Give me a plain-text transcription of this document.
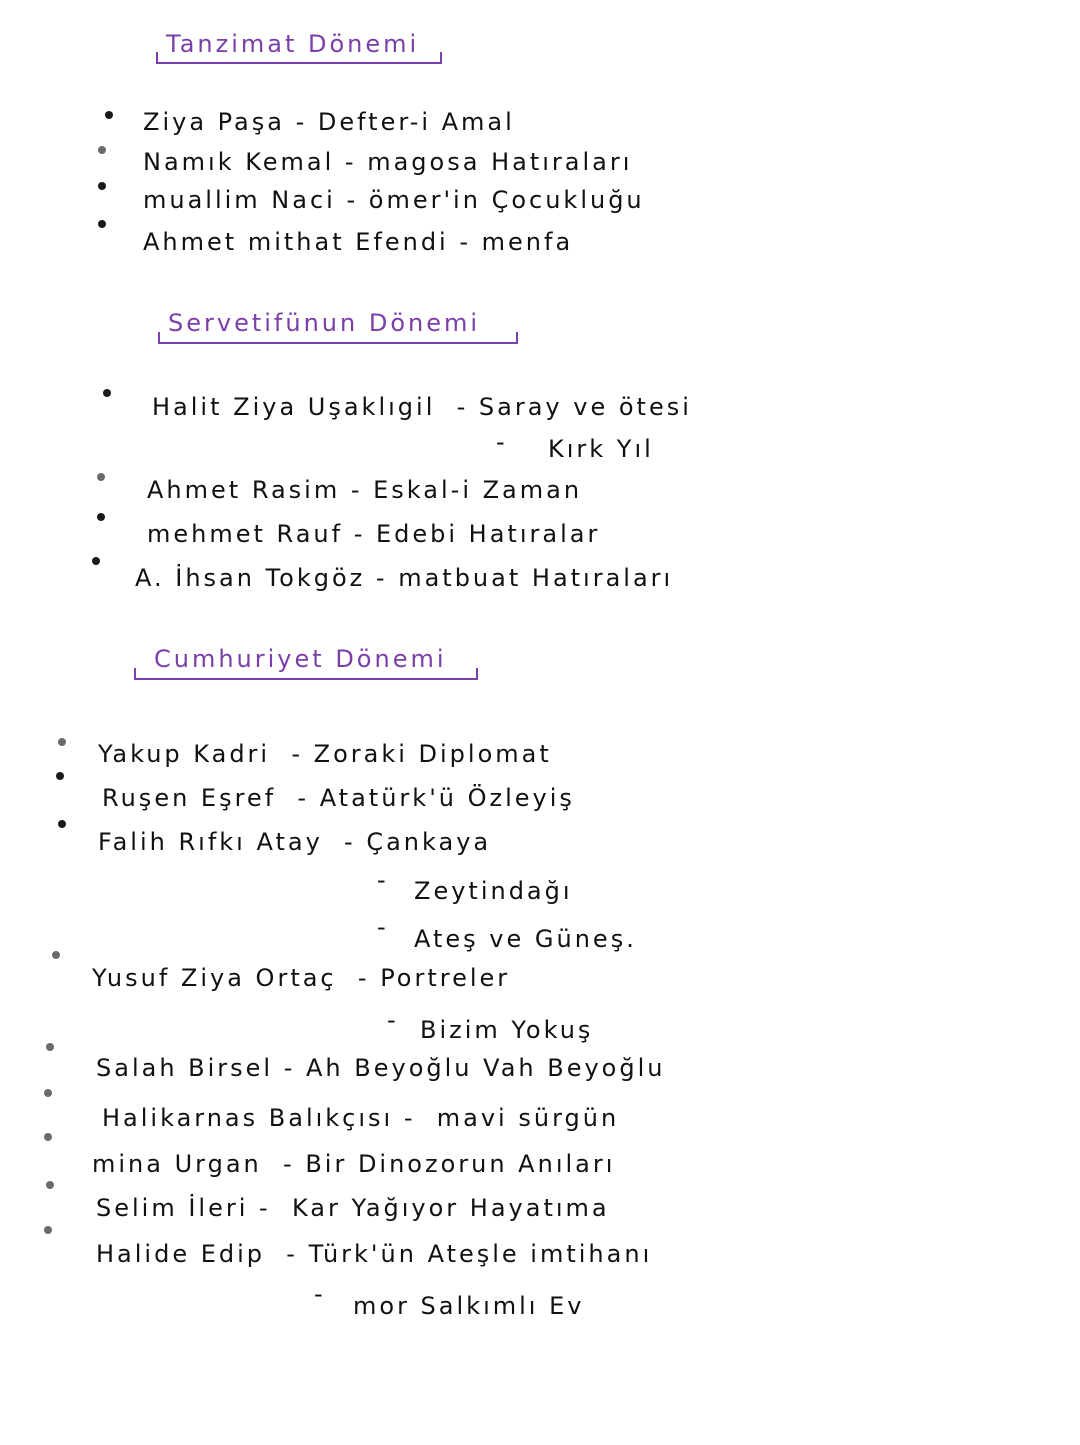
Tanzimat Dönemi
Ziya Paşa - Defter-i Amal
Namık Kemal - magosa Hatıraları
muallim Naci - ömer'in Çocukluğu
Ahmet mithat Efendi - menfa
Servetifünun Dönemi
Halit Ziya Uşaklıgil  - Saray ve ötesi
- Kırk Yıl
Ahmet Rasim - Eskal-i Zaman
mehmet Rauf - Edebi Hatıralar
A. İhsan Tokgöz - matbuat Hatıraları
Cumhuriyet Dönemi
Yakup Kadri  - Zoraki Diplomat
Ruşen Eşref  - Atatürk'ü Özleyiş
Falih Rıfkı Atay  - Çankaya
- Zeytindağı
- Ateş ve Güneş.
Yusuf Ziya Ortaç  - Portreler
- Bizim Yokuş
Salah Birsel - Ah Beyoğlu Vah Beyoğlu
Halikarnas Balıkçısı -  mavi sürgün
mina Urgan  - Bir Dinozorun Anıları
Selim İleri -  Kar Yağıyor Hayatıma
Halide Edip  - Türk'ün Ateşle imtihanı
- mor Salkımlı Ev
